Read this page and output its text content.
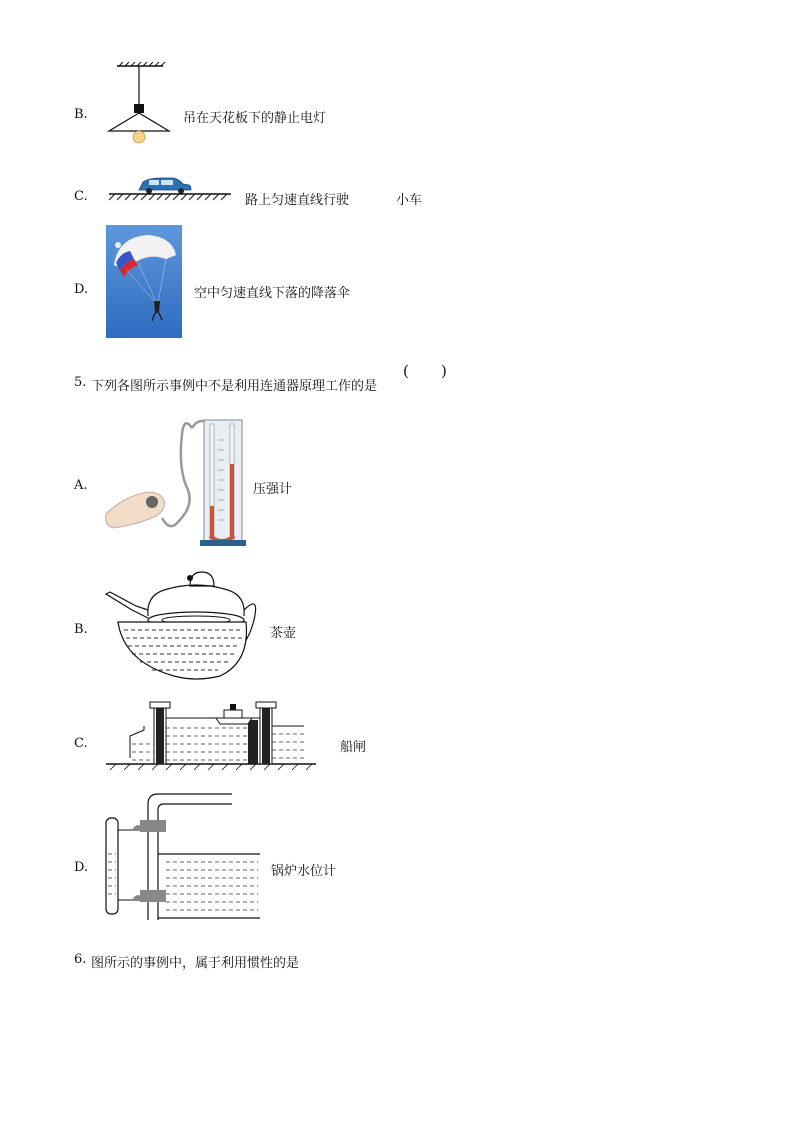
B.	吊在天花板下的静止电灯
C.	路上匀速直线行驶	小车
D.	空中匀速直线下落的降落伞
5. 下列各图所示事例中不是利用连通器原理工作的是
( )
A.	压强计
B.	茶壶
C.	船闸
D.	锅炉水位计
6. 图所示的事例中，属于利用惯性的是
